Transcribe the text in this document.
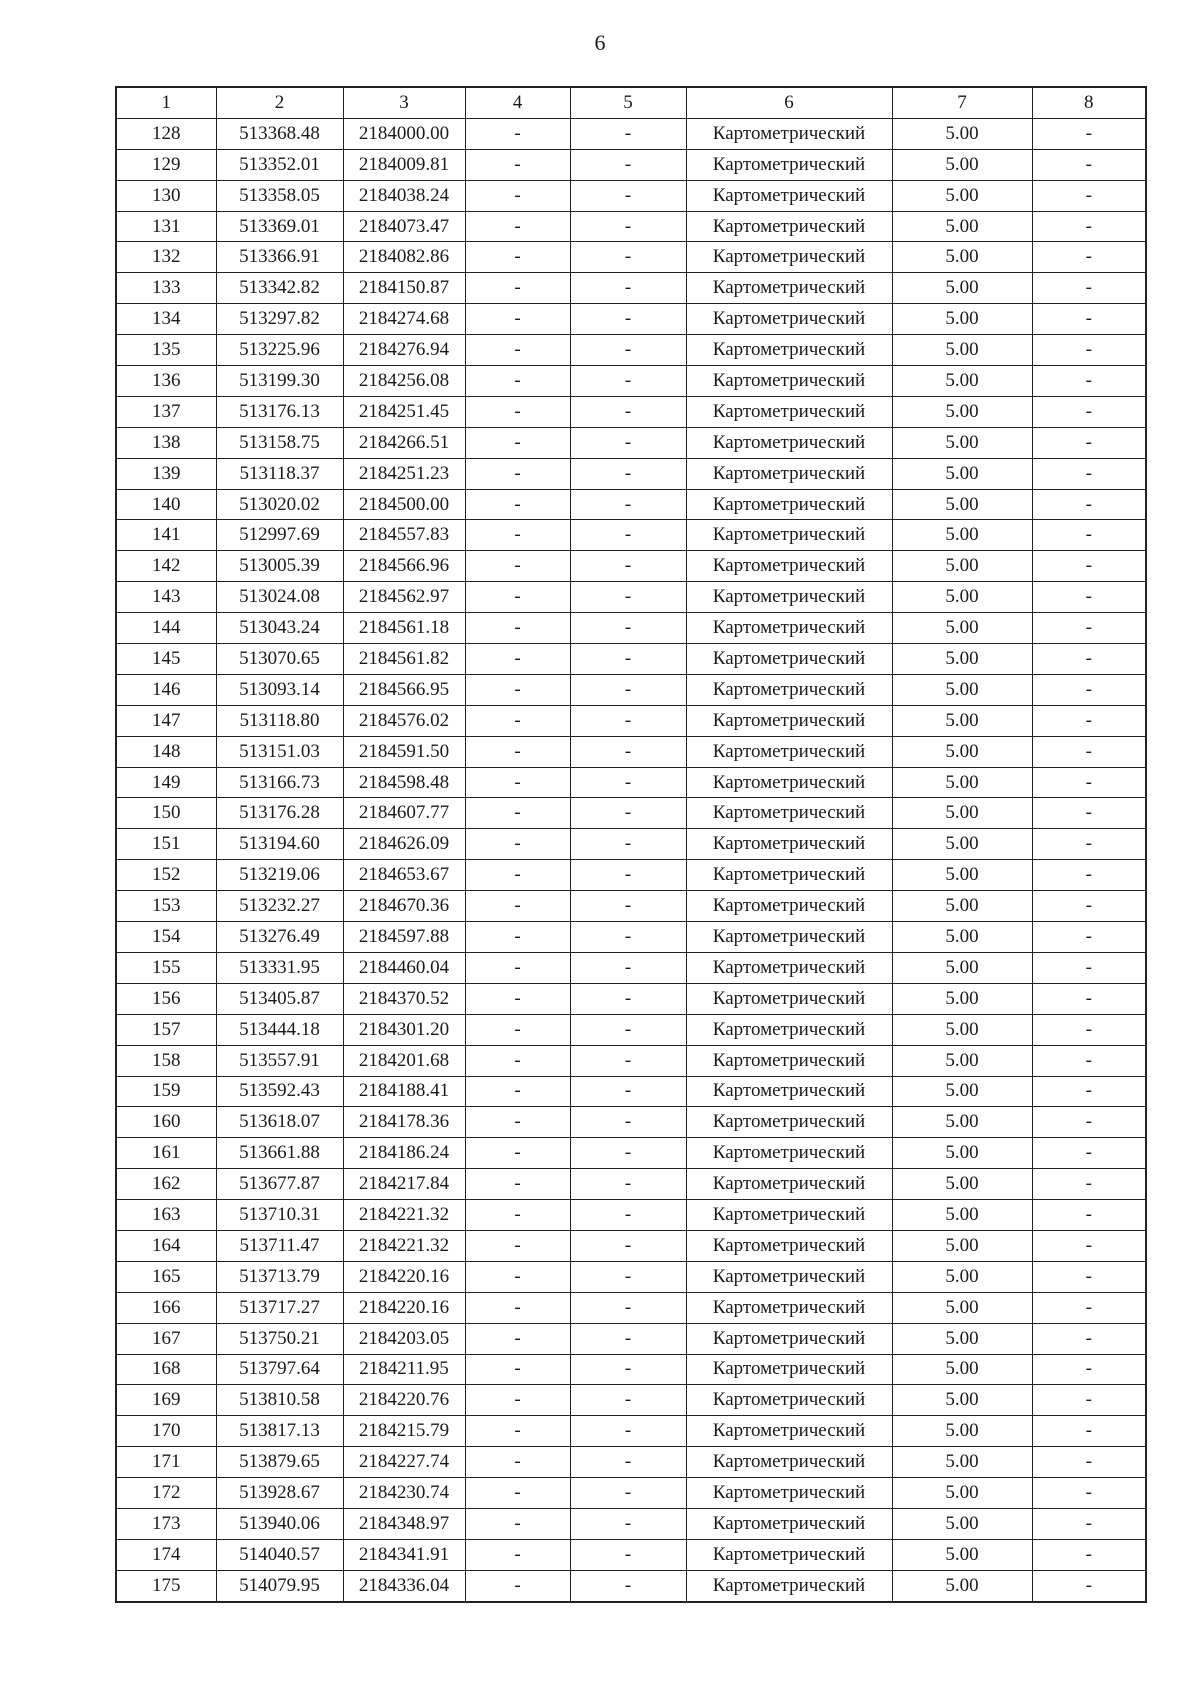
6
1	2	3	4	5	6	7	8
128	513368.48	2184000.00	-	-	Картометрический	5.00	-
129	513352.01	2184009.81	-	-	Картометрический	5.00	-
130	513358.05	2184038.24	-	-	Картометрический	5.00	-
131	513369.01	2184073.47	-	-	Картометрический	5.00	-
132	513366.91	2184082.86	-	-	Картометрический	5.00	-
133	513342.82	2184150.87	-	-	Картометрический	5.00	-
134	513297.82	2184274.68	-	-	Картометрический	5.00	-
135	513225.96	2184276.94	-	-	Картометрический	5.00	-
136	513199.30	2184256.08	-	-	Картометрический	5.00	-
137	513176.13	2184251.45	-	-	Картометрический	5.00	-
138	513158.75	2184266.51	-	-	Картометрический	5.00	-
139	513118.37	2184251.23	-	-	Картометрический	5.00	-
140	513020.02	2184500.00	-	-	Картометрический	5.00	-
141	512997.69	2184557.83	-	-	Картометрический	5.00	-
142	513005.39	2184566.96	-	-	Картометрический	5.00	-
143	513024.08	2184562.97	-	-	Картометрический	5.00	-
144	513043.24	2184561.18	-	-	Картометрический	5.00	-
145	513070.65	2184561.82	-	-	Картометрический	5.00	-
146	513093.14	2184566.95	-	-	Картометрический	5.00	-
147	513118.80	2184576.02	-	-	Картометрический	5.00	-
148	513151.03	2184591.50	-	-	Картометрический	5.00	-
149	513166.73	2184598.48	-	-	Картометрический	5.00	-
150	513176.28	2184607.77	-	-	Картометрический	5.00	-
151	513194.60	2184626.09	-	-	Картометрический	5.00	-
152	513219.06	2184653.67	-	-	Картометрический	5.00	-
153	513232.27	2184670.36	-	-	Картометрический	5.00	-
154	513276.49	2184597.88	-	-	Картометрический	5.00	-
155	513331.95	2184460.04	-	-	Картометрический	5.00	-
156	513405.87	2184370.52	-	-	Картометрический	5.00	-
157	513444.18	2184301.20	-	-	Картометрический	5.00	-
158	513557.91	2184201.68	-	-	Картометрический	5.00	-
159	513592.43	2184188.41	-	-	Картометрический	5.00	-
160	513618.07	2184178.36	-	-	Картометрический	5.00	-
161	513661.88	2184186.24	-	-	Картометрический	5.00	-
162	513677.87	2184217.84	-	-	Картометрический	5.00	-
163	513710.31	2184221.32	-	-	Картометрический	5.00	-
164	513711.47	2184221.32	-	-	Картометрический	5.00	-
165	513713.79	2184220.16	-	-	Картометрический	5.00	-
166	513717.27	2184220.16	-	-	Картометрический	5.00	-
167	513750.21	2184203.05	-	-	Картометрический	5.00	-
168	513797.64	2184211.95	-	-	Картометрический	5.00	-
169	513810.58	2184220.76	-	-	Картометрический	5.00	-
170	513817.13	2184215.79	-	-	Картометрический	5.00	-
171	513879.65	2184227.74	-	-	Картометрический	5.00	-
172	513928.67	2184230.74	-	-	Картометрический	5.00	-
173	513940.06	2184348.97	-	-	Картометрический	5.00	-
174	514040.57	2184341.91	-	-	Картометрический	5.00	-
175	514079.95	2184336.04	-	-	Картометрический	5.00	-
